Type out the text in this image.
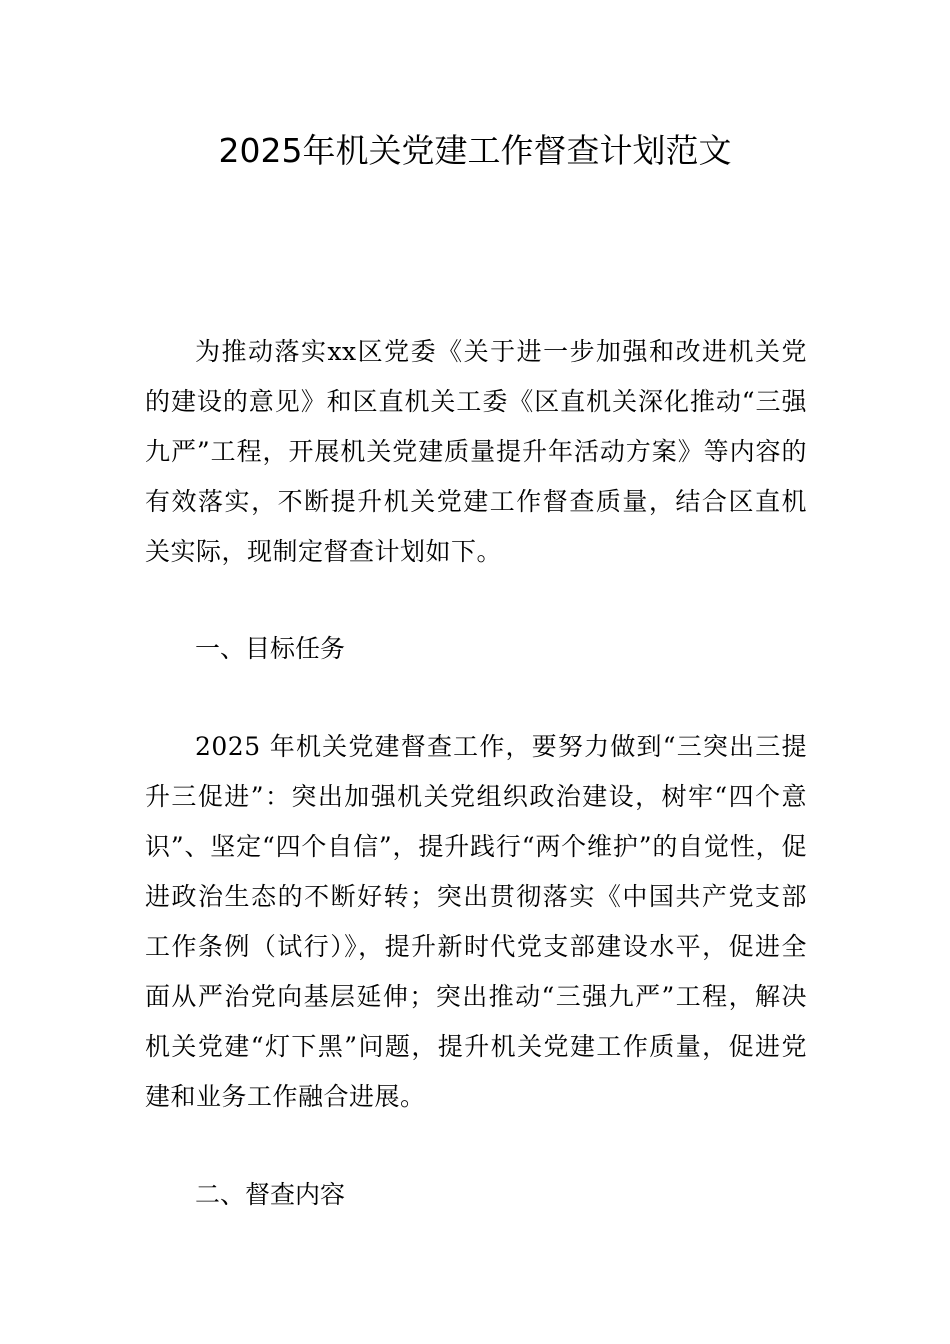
2025年机关党建工作督查计划范文

为推动落实xx区党委《关于进一步加强和改进机关党的建设的意见》和区直机关工委《区直机关深化推动“三强九严”工程，开展机关党建质量提升年活动方案》等内容的有效落实，不断提升机关党建工作督查质量，结合区直机关实际，现制定督查计划如下。

一、目标任务

2025 年机关党建督查工作，要努力做到“三突出三提升三促进”：突出加强机关党组织政治建设，树牢“四个意识”、坚定“四个自信”，提升践行“两个维护”的自觉性，促进政治生态的不断好转；突出贯彻落实《中国共产党支部工作条例（试行）》，提升新时代党支部建设水平，促进全面从严治党向基层延伸；突出推动“三强九严”工程，解决机关党建“灯下黑”问题，提升机关党建工作质量，促进党建和业务工作融合进展。

二、督查内容
